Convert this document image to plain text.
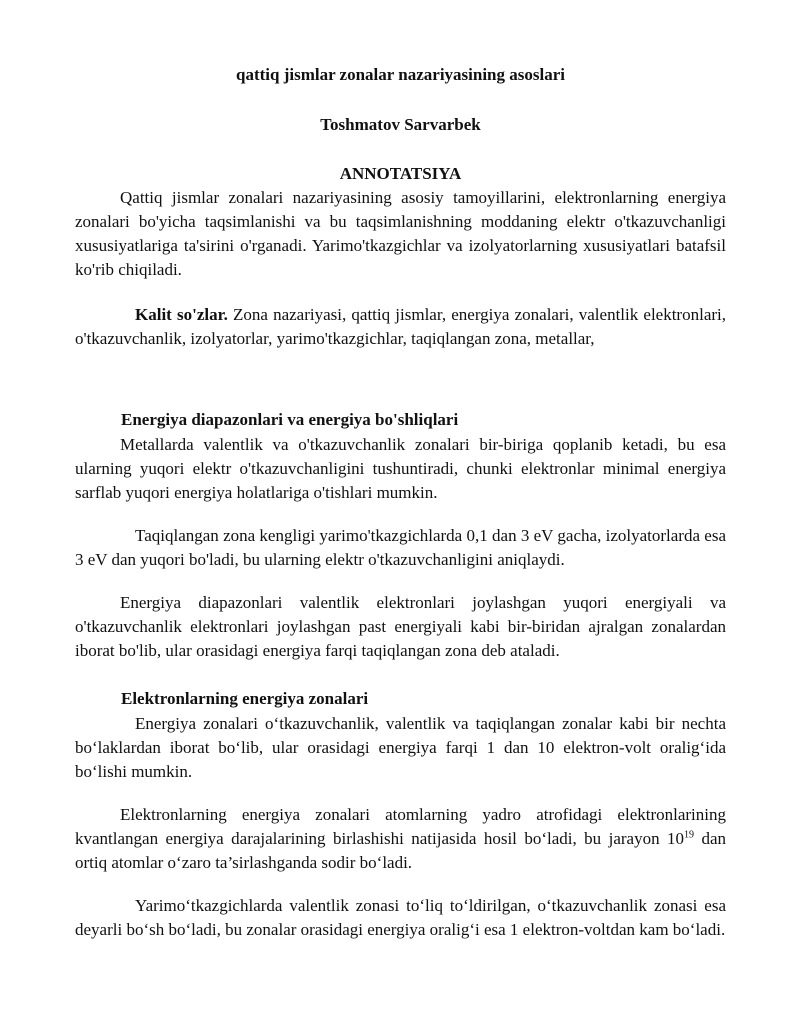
qattiq jismlar zonalar nazariyasining asoslari

Toshmatov Sarvarbek

ANNOTATSIYA

Qattiq jismlar zonalari nazariyasining asosiy tamoyillarini, elektronlarning energiya zonalari bo'yicha taqsimlanishi va bu taqsimlanishning moddaning elektr o'tkazuvchanligi xususiyatlariga ta'sirini o'rganadi. Yarimo'tkazgichlar va izolyatorlarning xususiyatlari batafsil ko'rib chiqiladi.

Kalit so'zlar. Zona nazariyasi, qattiq jismlar, energiya zonalari, valentlik elektronlari, o'tkazuvchanlik, izolyatorlar, yarimo'tkazgichlar, taqiqlangan zona, metallar,

Energiya diapazonlari va energiya bo'shliqlari

Metallarda valentlik va o'tkazuvchanlik zonalari bir-biriga qoplanib ketadi, bu esa ularning yuqori elektr o'tkazuvchanligini tushuntiradi, chunki elektronlar minimal energiya sarflab yuqori energiya holatlariga o'tishlari mumkin.

Taqiqlangan zona kengligi yarimo'tkazgichlarda 0,1 dan 3 eV gacha, izolyatorlarda esa 3 eV dan yuqori bo'ladi, bu ularning elektr o'tkazuvchanligini aniqlaydi.

Energiya diapazonlari valentlik elektronlari joylashgan yuqori energiyali va o'tkazuvchanlik elektronlari joylashgan past energiyali kabi bir-biridan ajralgan zonalardan iborat bo'lib, ular orasidagi energiya farqi taqiqlangan zona deb ataladi.

Elektronlarning energiya zonalari

Energiya zonalari o‘tkazuvchanlik, valentlik va taqiqlangan zonalar kabi bir nechta bo‘laklardan iborat bo‘lib, ular orasidagi energiya farqi 1 dan 10 elektron-volt oralig‘ida bo‘lishi mumkin.

Elektronlarning energiya zonalari atomlarning yadro atrofidagi elektronlarining kvantlangan energiya darajalarining birlashishi natijasida hosil bo‘ladi, bu jarayon $10^{19}$ dan ortiq atomlar o‘zaro ta’sirlashganda sodir bo‘ladi.

Yarimo‘tkazgichlarda valentlik zonasi to‘liq to‘ldirilgan, o‘tkazuvchanlik zonasi esa deyarli bo‘sh bo‘ladi, bu zonalar orasidagi energiya oralig‘i esa 1 elektron-voltdan kam bo‘ladi.
